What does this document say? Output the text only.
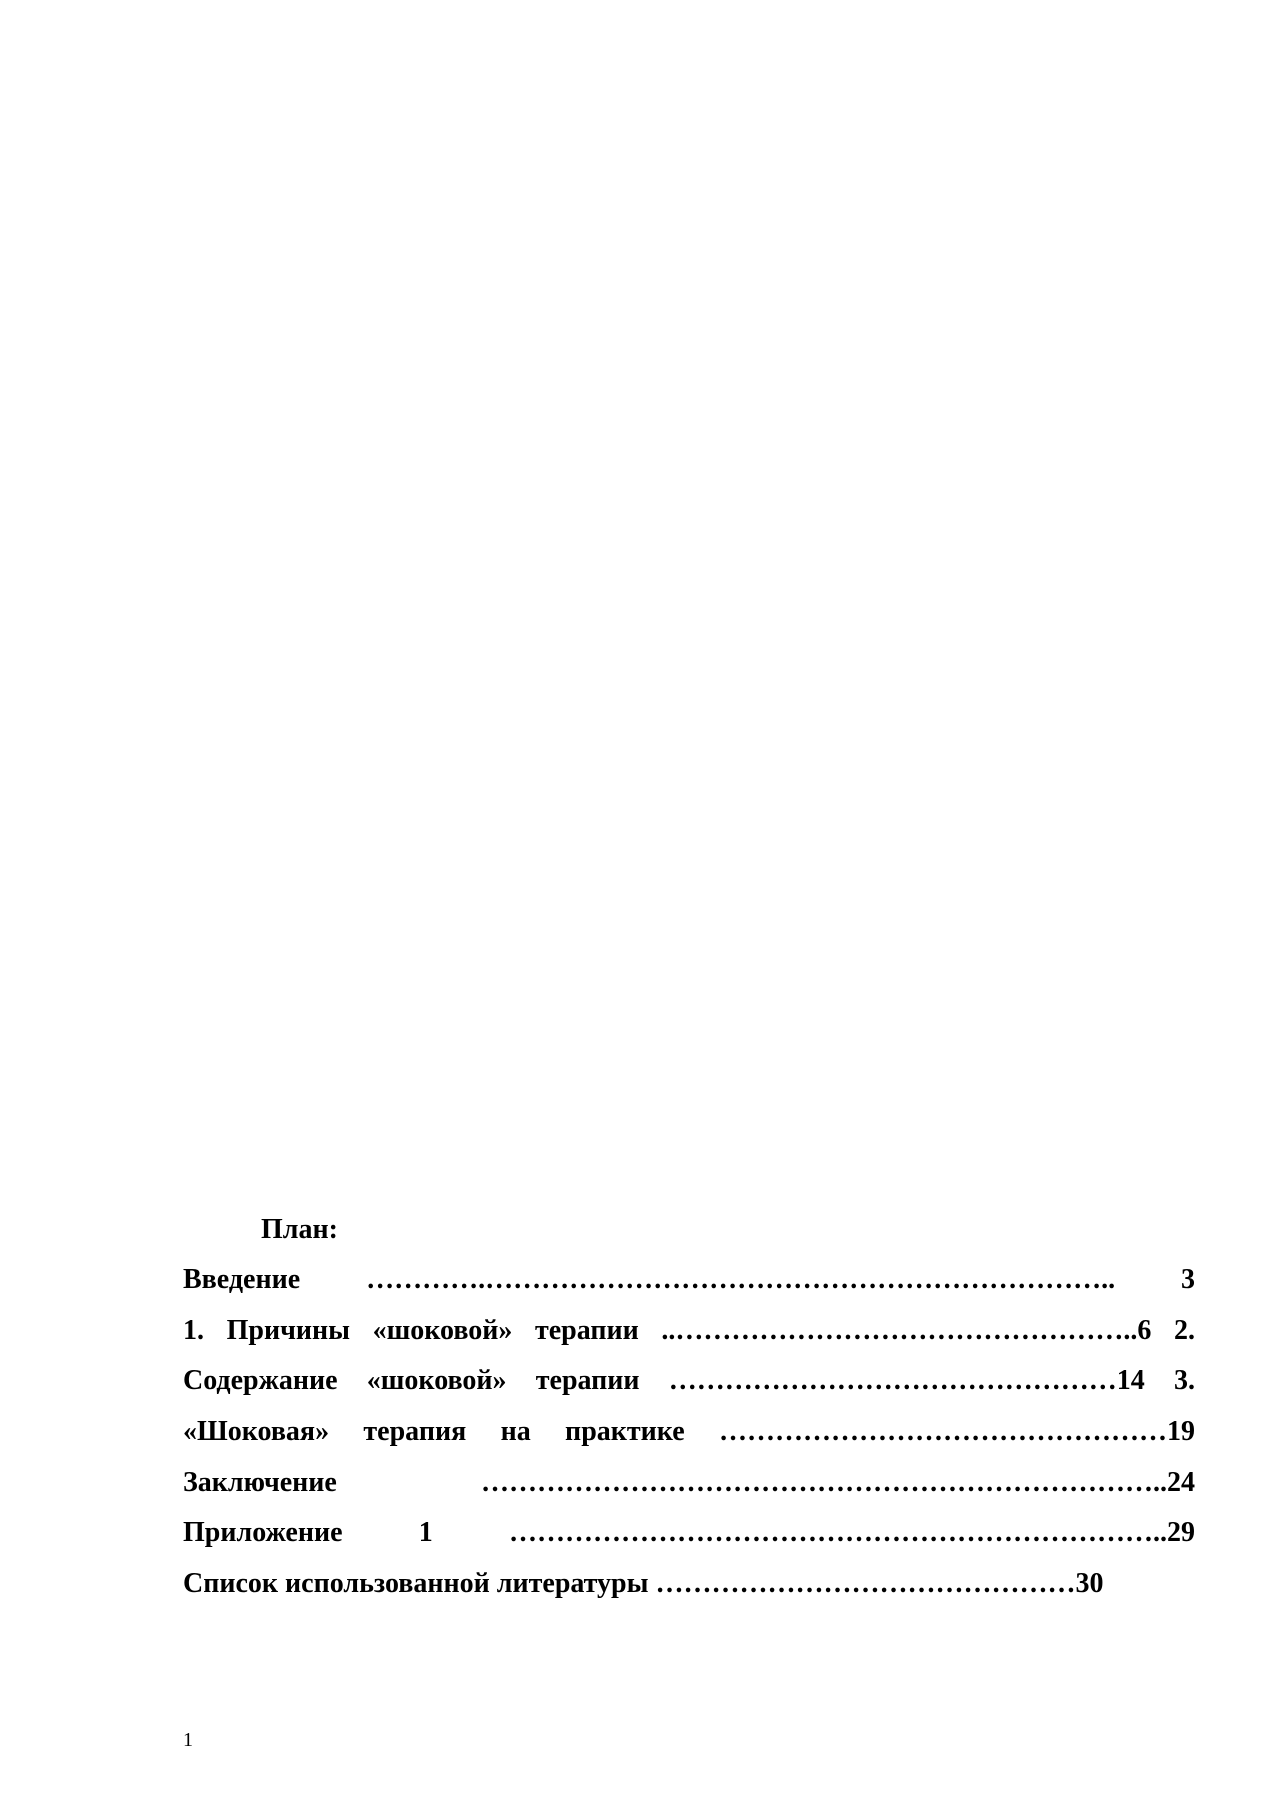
План:
Введение ………….………………………………………………………….. 3
1. Причины «шоковой» терапии ..…………………………………………..6 2.
Содержание «шоковой» терапии …………………………………………14 3.
«Шоковая» терапия на практике …………………………………………19
Заключение ………………………………………………………………..24
Приложение 1 ……………………………………………………………..29
Список использованной литературы ………………………………………30
1
